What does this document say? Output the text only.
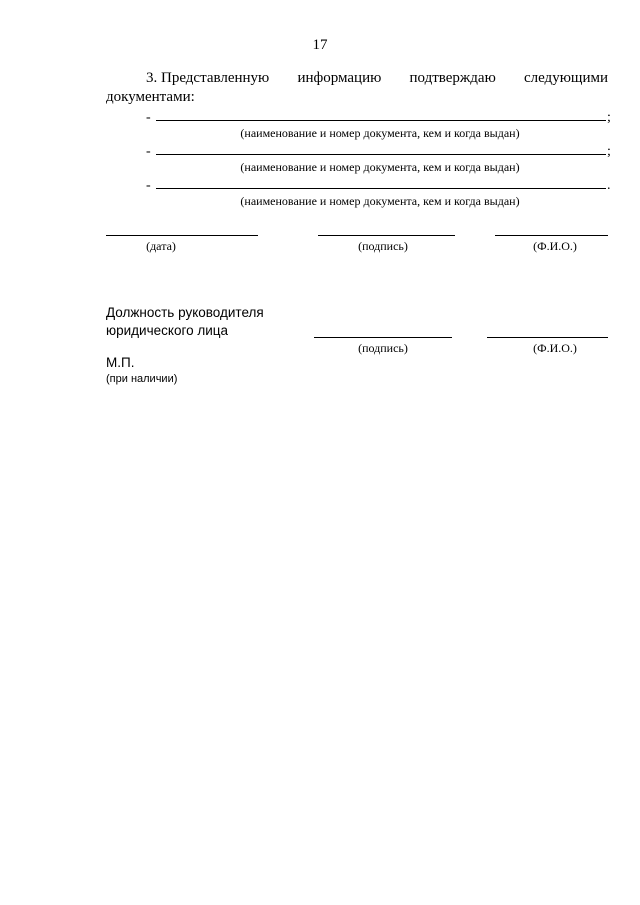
17
3. Представленную информацию подтверждаю следующими
документами:
-	;
(наименование и номер документа, кем и когда выдан)
-	;
(наименование и номер документа, кем и когда выдан)
-	.
(наименование и номер документа, кем и когда выдан)
(дата)	(подпись)	(Ф.И.О.)
Должность руководителя
юридического лица
(подпись)	(Ф.И.О.)
М.П.
(при наличии)
